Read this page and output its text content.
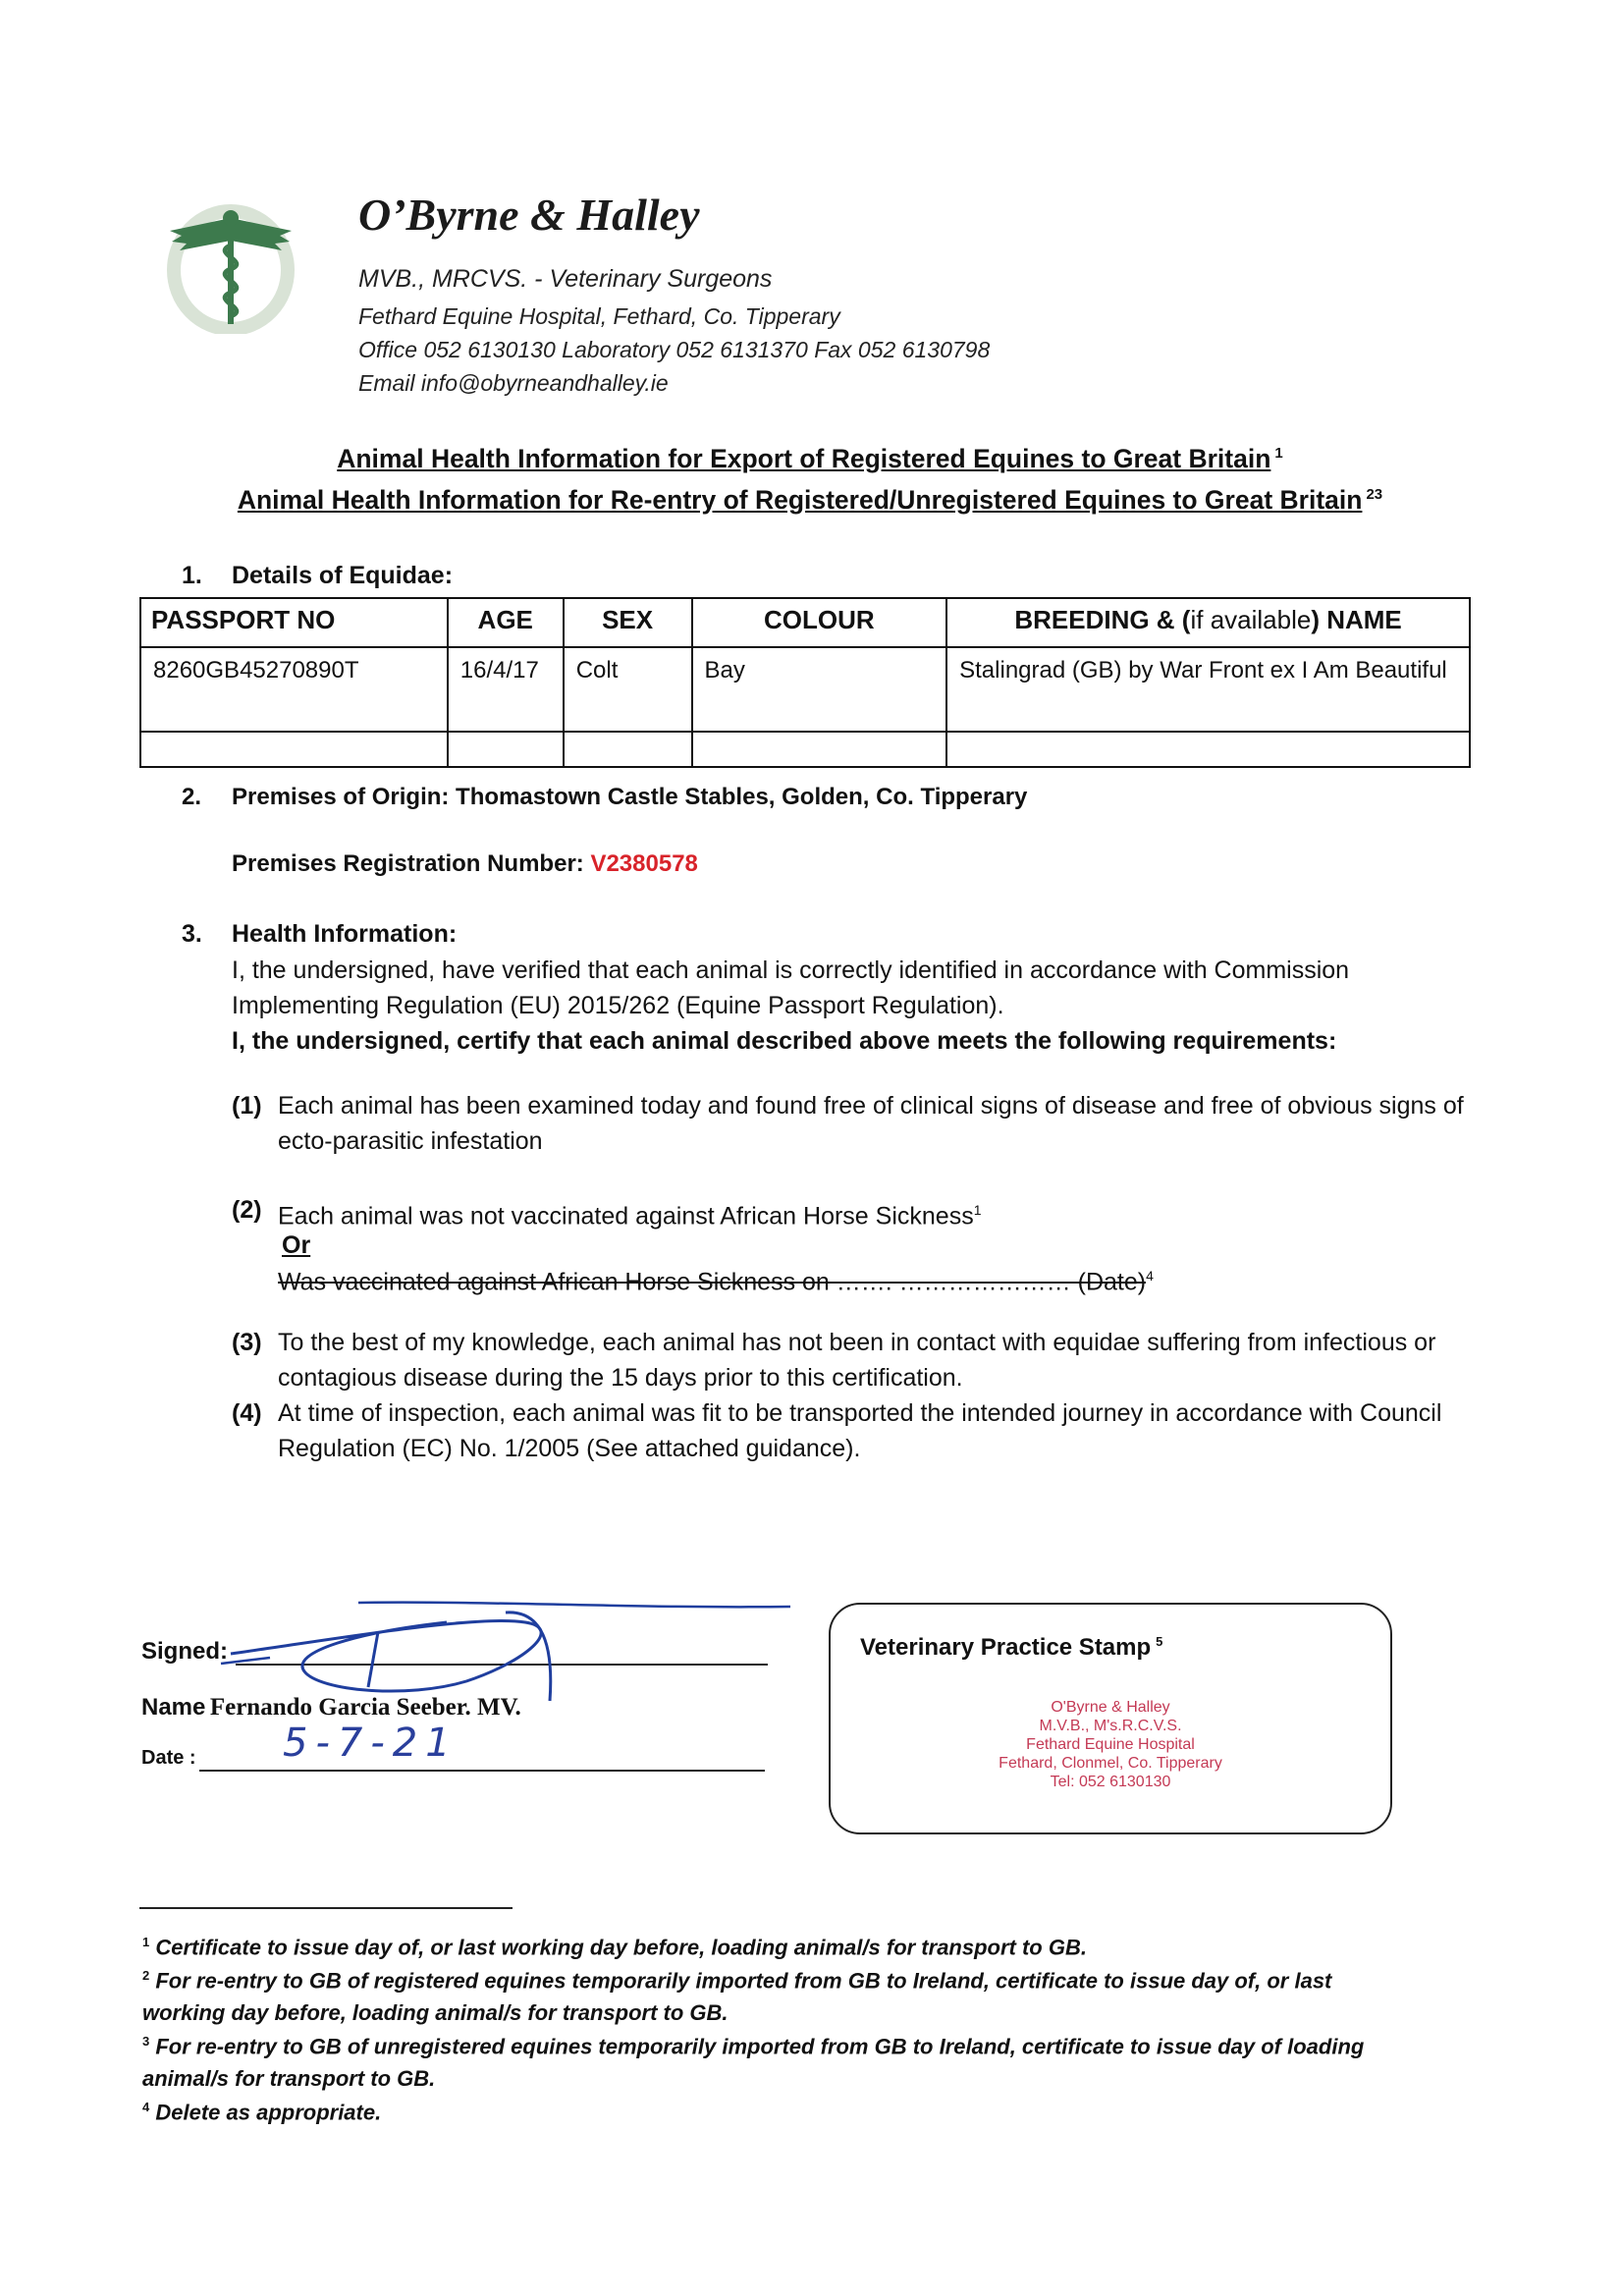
O’Byrne & Halley
MVB., MRCVS. - Veterinary Surgeons
Fethard Equine Hospital, Fethard, Co. Tipperary
Office 052 6130130 Laboratory 052 6131370 Fax 052 6130798
Email info@obyrneandhalley.ie
Animal Health Information for Export of Registered Equines to Great Britain $^1$
Animal Health Information for Re-entry of Registered/Unregistered Equines to Great Britain $^{23}$
1. Details of Equidae:
PASSPORT NO	AGE	SEX	COLOUR	BREEDING & (if available) NAME
8260GB45270890T	16/4/17	Colt	Bay	Stalingrad (GB) by War Front ex I Am Beautiful

2. Premises of Origin: Thomastown Castle Stables, Golden, Co. Tipperary
Premises Registration Number: V2380578
3. Health Information:
I, the undersigned, have verified that each animal is correctly identified in accordance with Commission Implementing Regulation (EU) 2015/262 (Equine Passport Regulation).
I, the undersigned, certify that each animal described above meets the following requirements:
(1) Each animal has been examined today and found free of clinical signs of disease and free of obvious signs of ecto-parasitic infestation
(2) Each animal was not vaccinated against African Horse Sickness$^1$
Or
Was vaccinated against African Horse Sickness on ……. ………………… (Date)$^4$
(3) To the best of my knowledge, each animal has not been in contact with equidae suffering from infectious or contagious disease during the 15 days prior to this certification.
(4) At time of inspection, each animal was fit to be transported the intended journey in accordance with Council Regulation (EC) No. 1/2005 (See attached guidance).
Signed:
Name Fernando Garcia Seeber. MV.
Date : 5-7-21
Veterinary Practice Stamp $^5$
O'Byrne & Halley
M.V.B., M's.R.C.V.S.
Fethard Equine Hospital
Fethard, Clonmel, Co. Tipperary
Tel: 052 6130130
$^1$ Certificate to issue day of, or last working day before, loading animal/s for transport to GB.
$^2$ For re-entry to GB of registered equines temporarily imported from GB to Ireland, certificate to issue day of, or last working day before, loading animal/s for transport to GB.
$^3$ For re-entry to GB of unregistered equines temporarily imported from GB to Ireland, certificate to issue day of loading animal/s for transport to GB.
$^4$ Delete as appropriate.
